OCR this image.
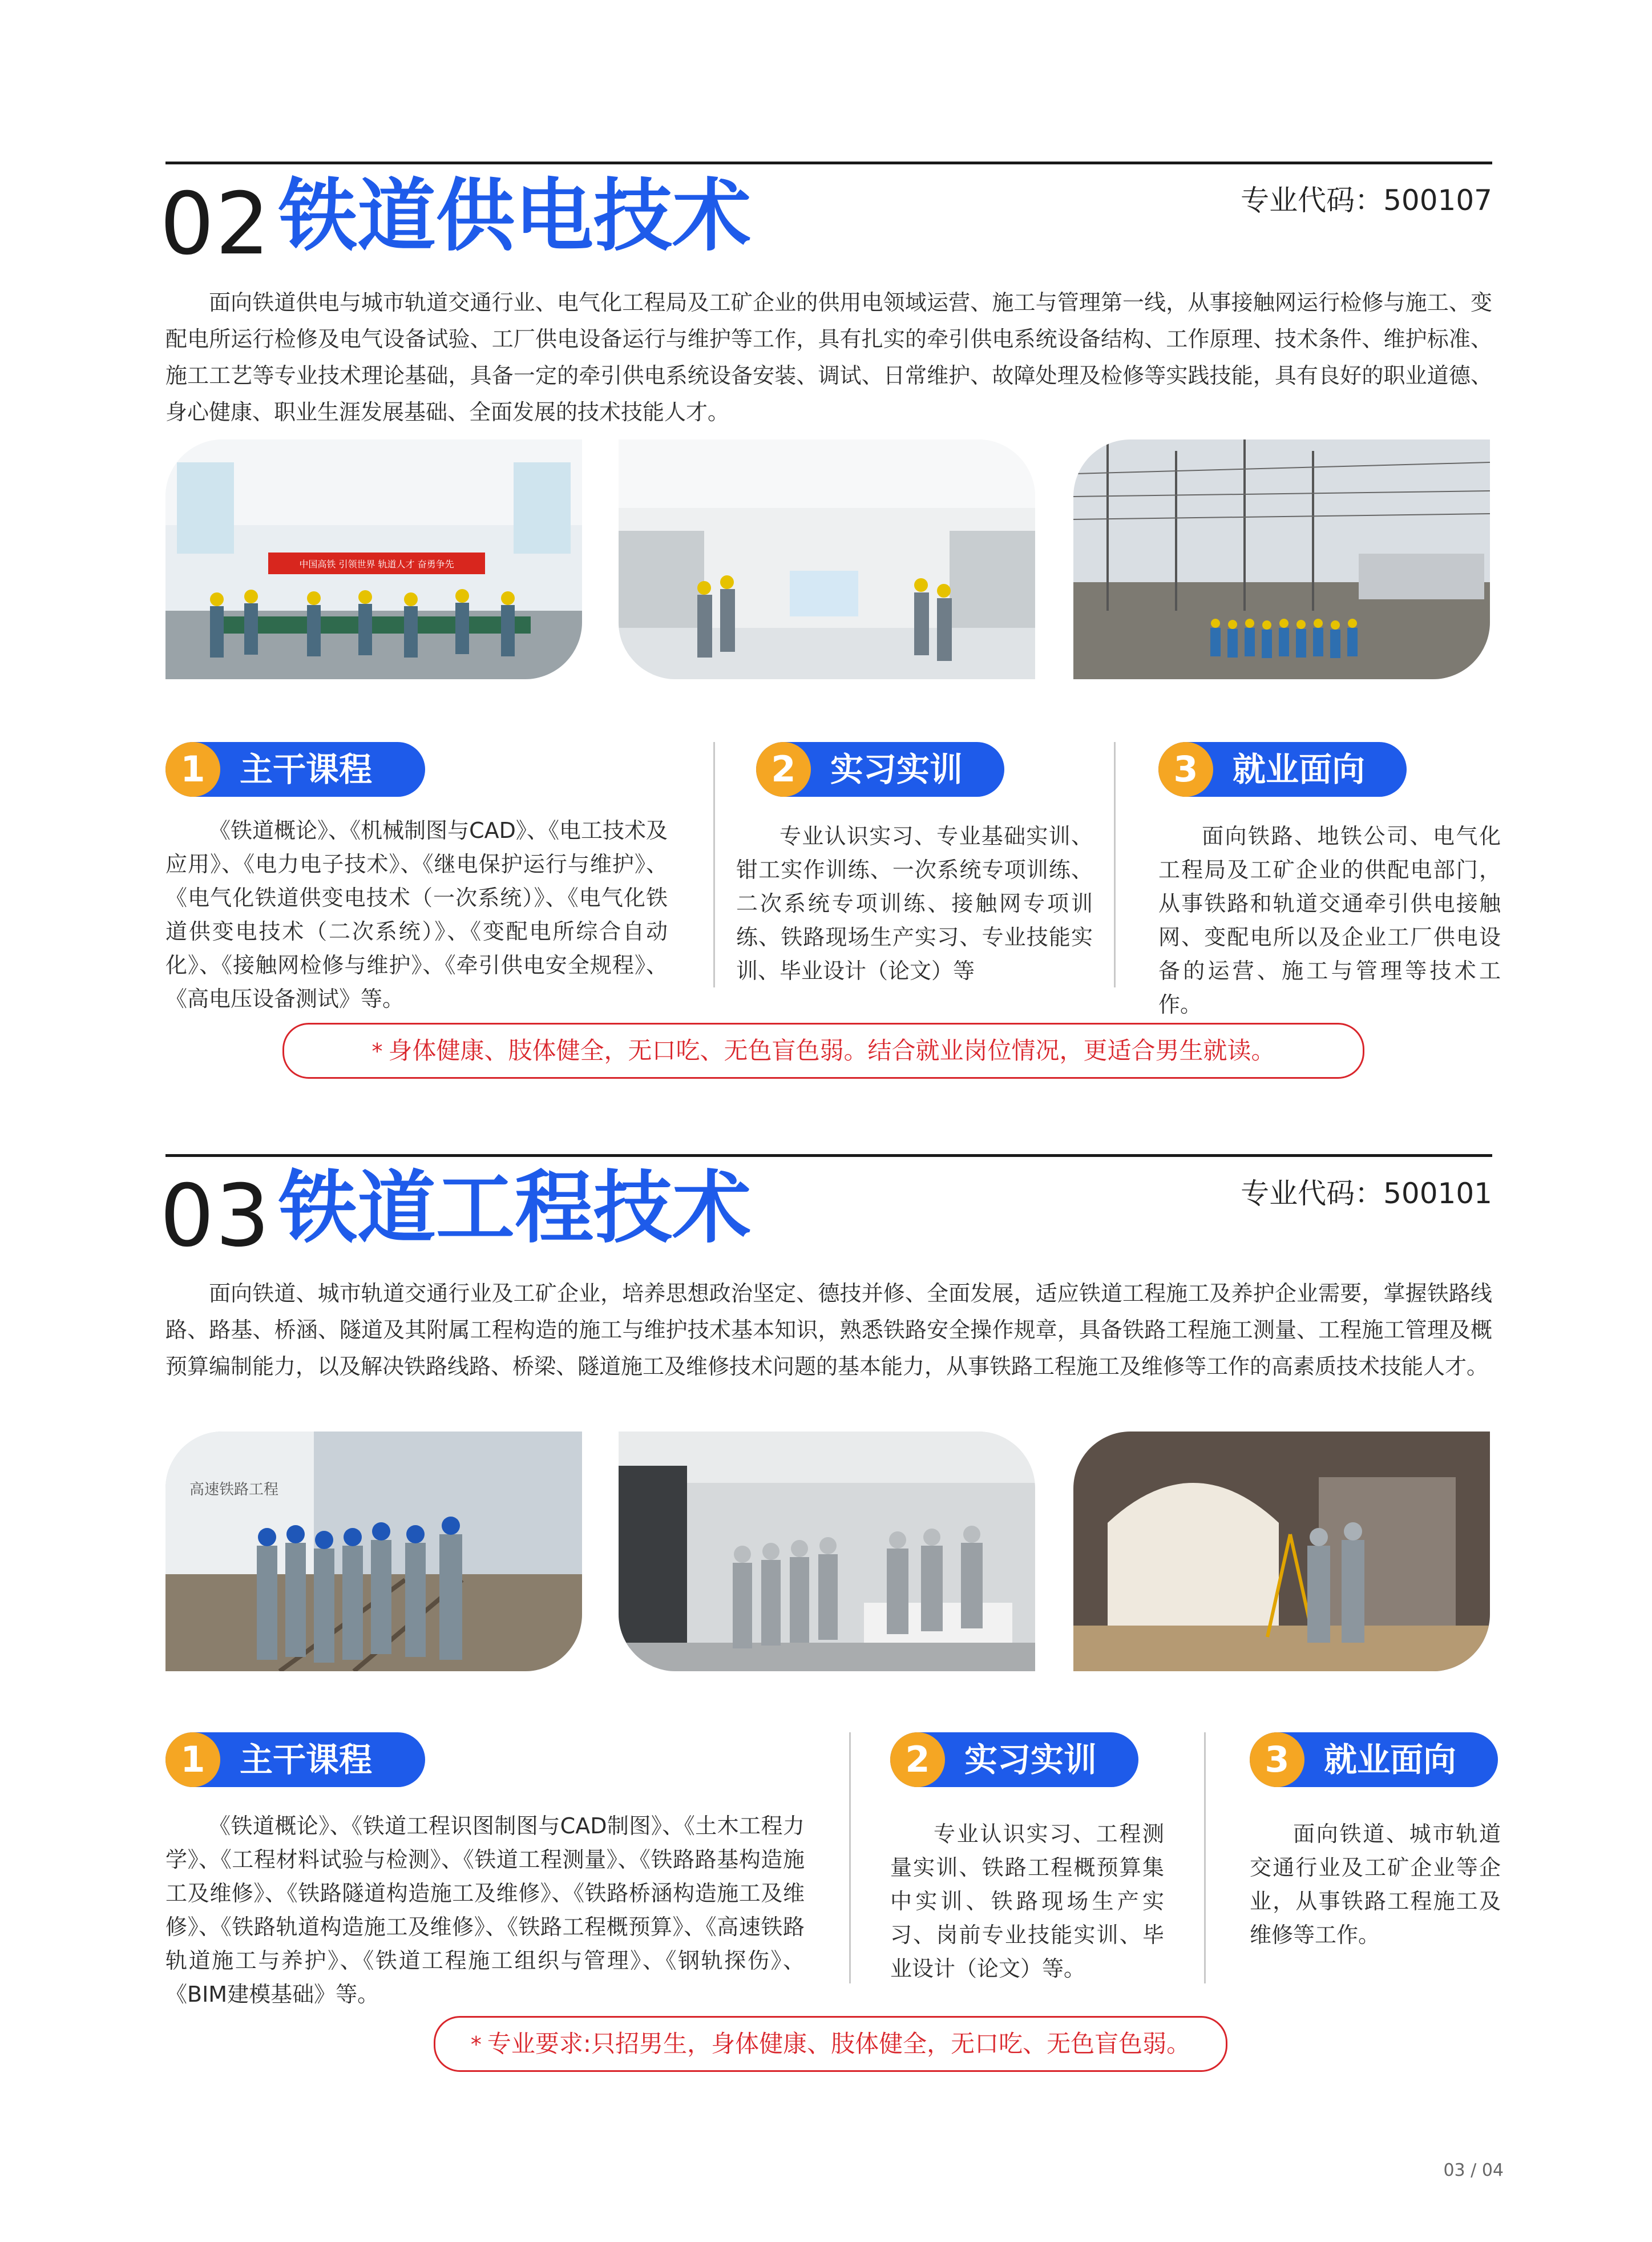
02 铁道供电技术	专业代码：500107

面向铁道供电与城市轨道交通行业、电气化工程局及工矿企业的供用电领域运营、施工与管理第一线，从事接触网运行检修与施工、变配电所运行检修及电气设备试验、工厂供电设备运行与维护等工作，具有扎实的牵引供电系统设备结构、工作原理、技术条件、维护标准、施工工艺等专业技术理论基础，具备一定的牵引供电系统设备安装、调试、日常维护、故障处理及检修等实践技能，具有良好的职业道德、身心健康、职业生涯发展基础、全面发展的技术技能人才。

中国高铁 引领世界 轨道人才 奋勇争先
1	主干课程

《铁道概论》、《机械制图与CAD》、《电工技术及应用》、《电力电子技术》、《继电保护运行与维护》、《电气化铁道供变电技术（一次系统）》、《电气化铁道供变电技术（二次系统）》、《变配电所综合自动化》、《接触网检修与维护》、《牵引供电安全规程》、《高电压设备测试》等。

2	实习实训

专业认识实习、专业基础实训、钳工实作训练、一次系统专项训练、二次系统专项训练、接触网专项训练、铁路现场生产实习、专业技能实训、毕业设计（论文）等

3	就业面向

面向铁路、地铁公司、电气化工程局及工矿企业的供配电部门，从事铁路和轨道交通牵引供电接触网、变配电所以及企业工厂供电设备的运营、施工与管理等技术工作。

* 身体健康、肢体健全，无口吃、无色盲色弱。结合就业岗位情况，更适合男生就读。
03 铁道工程技术	专业代码：500101

面向铁道、城市轨道交通行业及工矿企业，培养思想政治坚定、德技并修、全面发展，适应铁道工程施工及养护企业需要，掌握铁路线路、路基、桥涵、隧道及其附属工程构造的施工与维护技术基本知识，熟悉铁路安全操作规章，具备铁路工程施工测量、工程施工管理及概预算编制能力，以及解决铁路线路、桥梁、隧道施工及维修技术问题的基本能力，从事铁路工程施工及维修等工作的高素质技术技能人才。

高速铁路工程
1	主干课程

《铁道概论》、《铁道工程识图制图与CAD制图》、《土木工程力学》、《工程材料试验与检测》、《铁道工程测量》、《铁路路基构造施工及维修》、《铁路隧道构造施工及维修》、《铁路桥涵构造施工及维修》、《铁路轨道构造施工及维修》、《铁路工程概预算》、《高速铁路轨道施工与养护》、《铁道工程施工组织与管理》、《钢轨探伤》、《BIM建模基础》等。

2	实习实训

专业认识实习、工程测量实训、铁路工程概预算集中实训、铁路现场生产实习、岗前专业技能实训、毕业设计（论文）等。

3	就业面向

面向铁道、城市轨道交通行业及工矿企业等企业，从事铁路工程施工及维修等工作。

* 专业要求:只招男生，身体健康、肢体健全，无口吃、无色盲色弱。
03 / 04
